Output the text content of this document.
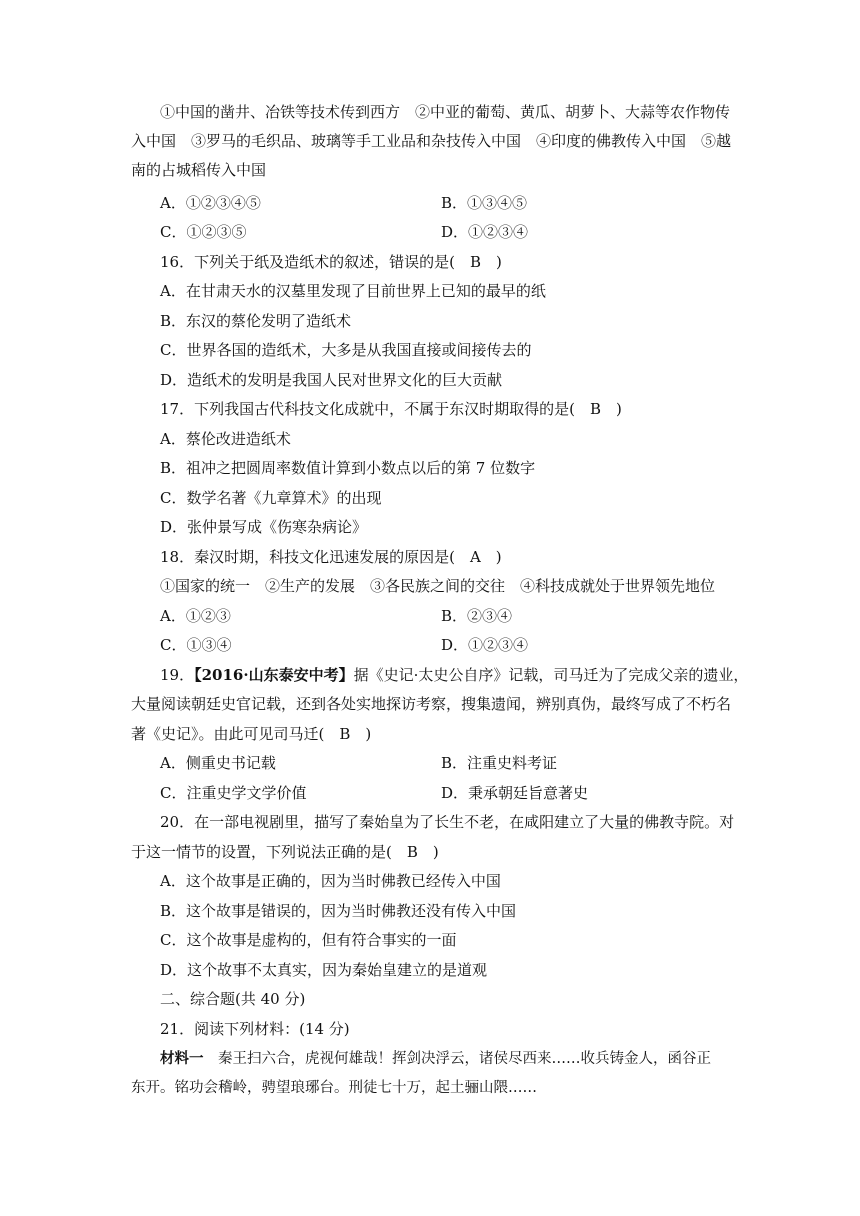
①中国的凿井、冶铁等技术传到西方　②中亚的葡萄、黄瓜、胡萝卜、大蒜等农作物传
入中国　③罗马的毛织品、玻璃等手工业品和杂技传入中国　④印度的佛教传入中国　⑤越
南的占城稻传入中国
A．①②③④⑤	B．①③④⑤
C．①②③⑤	D．①②③④
16．下列关于纸及造纸术的叙述，错误的是(　B　)
A．在甘肃天水的汉墓里发现了目前世界上已知的最早的纸
B．东汉的蔡伦发明了造纸术
C．世界各国的造纸术，大多是从我国直接或间接传去的
D．造纸术的发明是我国人民对世界文化的巨大贡献
17．下列我国古代科技文化成就中，不属于东汉时期取得的是(　B　)
A．蔡伦改进造纸术
B．祖冲之把圆周率数值计算到小数点以后的第 7 位数字
C．数学名著《九章算术》的出现
D．张仲景写成《伤寒杂病论》
18．秦汉时期，科技文化迅速发展的原因是(　A　)
①国家的统一　②生产的发展　③各民族之间的交往　④科技成就处于世界领先地位
A．①②③	B．②③④
C．①③④	D．①②③④
19．【2016·山东泰安中考】据《史记·太史公自序》记载，司马迁为了完成父亲的遗业，
大量阅读朝廷史官记载，还到各处实地探访考察，搜集遗闻，辨别真伪，最终写成了不朽名
著《史记》。由此可见司马迁(　B　)
A．侧重史书记载	B．注重史料考证
C．注重史学文学价值	D．秉承朝廷旨意著史
20．在一部电视剧里，描写了秦始皇为了长生不老，在咸阳建立了大量的佛教寺院。对
于这一情节的设置，下列说法正确的是(　B　)
A．这个故事是正确的，因为当时佛教已经传入中国
B．这个故事是错误的，因为当时佛教还没有传入中国
C．这个故事是虚构的，但有符合事实的一面
D．这个故事不太真实，因为秦始皇建立的是道观
二、综合题(共 40 分)
21．阅读下列材料：(14 分)
材料一　秦王扫六合，虎视何雄哉！挥剑决浮云，诸侯尽西来……收兵铸金人，函谷正
东开。铭功会稽岭，骋望琅琊台。刑徒七十万，起土骊山隈……
